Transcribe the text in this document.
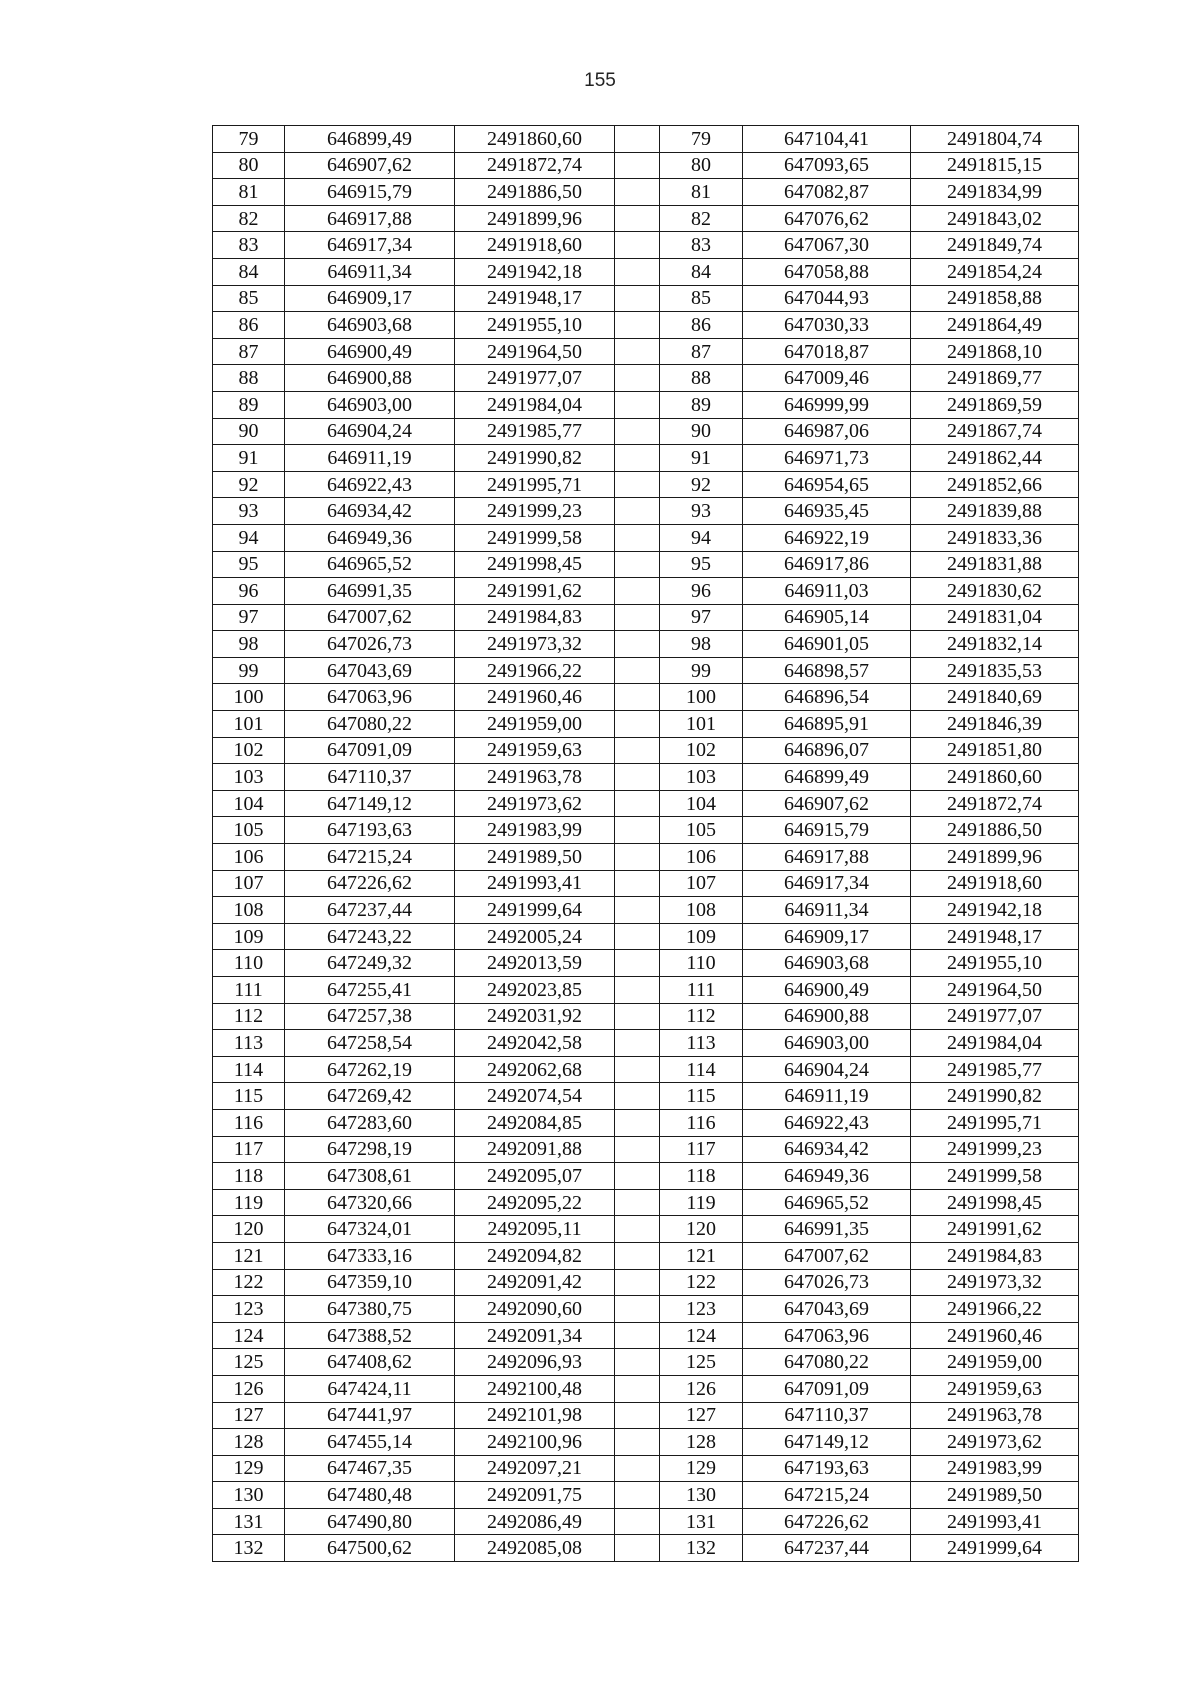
155
79	646899,49	2491860,60		79	647104,41	2491804,74
80	646907,62	2491872,74		80	647093,65	2491815,15
81	646915,79	2491886,50		81	647082,87	2491834,99
82	646917,88	2491899,96		82	647076,62	2491843,02
83	646917,34	2491918,60		83	647067,30	2491849,74
84	646911,34	2491942,18		84	647058,88	2491854,24
85	646909,17	2491948,17		85	647044,93	2491858,88
86	646903,68	2491955,10		86	647030,33	2491864,49
87	646900,49	2491964,50		87	647018,87	2491868,10
88	646900,88	2491977,07		88	647009,46	2491869,77
89	646903,00	2491984,04		89	646999,99	2491869,59
90	646904,24	2491985,77		90	646987,06	2491867,74
91	646911,19	2491990,82		91	646971,73	2491862,44
92	646922,43	2491995,71		92	646954,65	2491852,66
93	646934,42	2491999,23		93	646935,45	2491839,88
94	646949,36	2491999,58		94	646922,19	2491833,36
95	646965,52	2491998,45		95	646917,86	2491831,88
96	646991,35	2491991,62		96	646911,03	2491830,62
97	647007,62	2491984,83		97	646905,14	2491831,04
98	647026,73	2491973,32		98	646901,05	2491832,14
99	647043,69	2491966,22		99	646898,57	2491835,53
100	647063,96	2491960,46		100	646896,54	2491840,69
101	647080,22	2491959,00		101	646895,91	2491846,39
102	647091,09	2491959,63		102	646896,07	2491851,80
103	647110,37	2491963,78		103	646899,49	2491860,60
104	647149,12	2491973,62		104	646907,62	2491872,74
105	647193,63	2491983,99		105	646915,79	2491886,50
106	647215,24	2491989,50		106	646917,88	2491899,96
107	647226,62	2491993,41		107	646917,34	2491918,60
108	647237,44	2491999,64		108	646911,34	2491942,18
109	647243,22	2492005,24		109	646909,17	2491948,17
110	647249,32	2492013,59		110	646903,68	2491955,10
111	647255,41	2492023,85		111	646900,49	2491964,50
112	647257,38	2492031,92		112	646900,88	2491977,07
113	647258,54	2492042,58		113	646903,00	2491984,04
114	647262,19	2492062,68		114	646904,24	2491985,77
115	647269,42	2492074,54		115	646911,19	2491990,82
116	647283,60	2492084,85		116	646922,43	2491995,71
117	647298,19	2492091,88		117	646934,42	2491999,23
118	647308,61	2492095,07		118	646949,36	2491999,58
119	647320,66	2492095,22		119	646965,52	2491998,45
120	647324,01	2492095,11		120	646991,35	2491991,62
121	647333,16	2492094,82		121	647007,62	2491984,83
122	647359,10	2492091,42		122	647026,73	2491973,32
123	647380,75	2492090,60		123	647043,69	2491966,22
124	647388,52	2492091,34		124	647063,96	2491960,46
125	647408,62	2492096,93		125	647080,22	2491959,00
126	647424,11	2492100,48		126	647091,09	2491959,63
127	647441,97	2492101,98		127	647110,37	2491963,78
128	647455,14	2492100,96		128	647149,12	2491973,62
129	647467,35	2492097,21		129	647193,63	2491983,99
130	647480,48	2492091,75		130	647215,24	2491989,50
131	647490,80	2492086,49		131	647226,62	2491993,41
132	647500,62	2492085,08		132	647237,44	2491999,64
